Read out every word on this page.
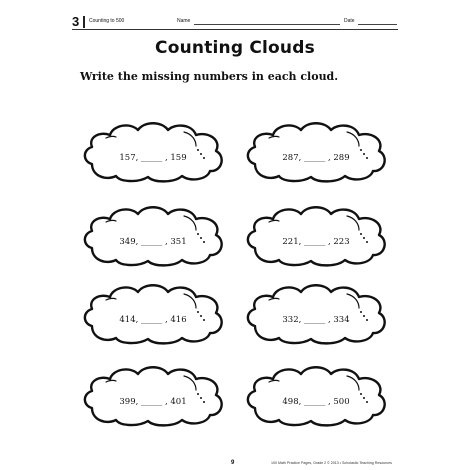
3 Counting to 500	Name	Date
Counting Clouds
Write the missing numbers in each cloud.
157, _____ , 159	287, _____ , 289
349, _____ , 351	221, _____ , 223
414, _____ , 416	332, _____ , 334
399, _____ , 401	498, _____ , 500
9	100 Math Practice Pages, Grade 2 © 2013 • Scholastic Teaching Resources
